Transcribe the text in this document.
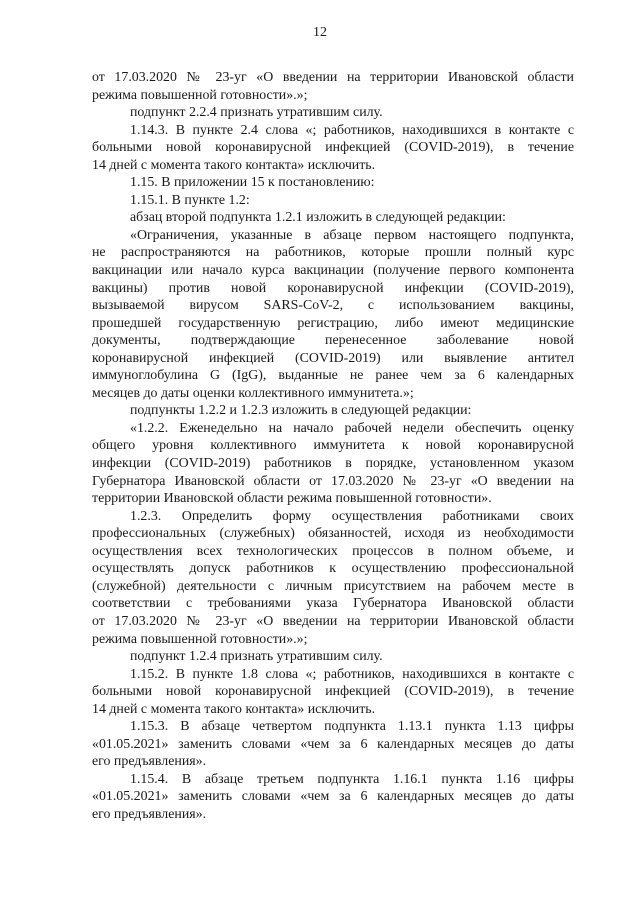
12

от 17.03.2020 № 23-уг «О введении на территории Ивановской области

режима повышенной готовности».»;

подпункт 2.2.4 признать утратившим силу.

1.14.3. В пункте 2.4 слова «; работников, находившихся в контакте с

больными новой коронавирусной инфекцией (COVID-2019), в течение

14 дней с момента такого контакта» исключить.

1.15. В приложении 15 к постановлению:

1.15.1. В пункте 1.2:

абзац второй подпункта 1.2.1 изложить в следующей редакции:

«Ограничения, указанные в абзаце первом настоящего подпункта,

не распространяются на работников, которые прошли полный курс

вакцинации или начало курса вакцинации (получение первого компонента

вакцины) против новой коронавирусной инфекции (COVID-2019),

вызываемой вирусом SARS-CoV-2, с использованием вакцины,

прошедшей государственную регистрацию, либо имеют медицинские

документы, подтверждающие перенесенное заболевание новой

коронавирусной инфекцией (COVID-2019) или выявление антител

иммуноглобулина G (IgG), выданные не ранее чем за 6 календарных

месяцев до даты оценки коллективного иммунитета.»;

подпункты 1.2.2 и 1.2.3 изложить в следующей редакции:

«1.2.2. Еженедельно на начало рабочей недели обеспечить оценку

общего уровня коллективного иммунитета к новой коронавирусной

инфекции (COVID-2019) работников в порядке, установленном указом

Губернатора Ивановской области от 17.03.2020 № 23-уг «О введении на

территории Ивановской области режима повышенной готовности».

1.2.3. Определить форму осуществления работниками своих

профессиональных (служебных) обязанностей, исходя из необходимости

осуществления всех технологических процессов в полном объеме, и

осуществлять допуск работников к осуществлению профессиональной

(служебной) деятельности с личным присутствием на рабочем месте в

соответствии с требованиями указа Губернатора Ивановской области

от 17.03.2020 № 23-уг «О введении на территории Ивановской области

режима повышенной готовности».»;

подпункт 1.2.4 признать утратившим силу.

1.15.2. В пункте 1.8 слова «; работников, находившихся в контакте с

больными новой коронавирусной инфекцией (COVID-2019), в течение

14 дней с момента такого контакта» исключить.

1.15.3. В абзаце четвертом подпункта 1.13.1 пункта 1.13 цифры

«01.05.2021» заменить словами «чем за 6 календарных месяцев до даты

его предъявления».

1.15.4. В абзаце третьем подпункта 1.16.1 пункта 1.16 цифры

«01.05.2021» заменить словами «чем за 6 календарных месяцев до даты

его предъявления».
